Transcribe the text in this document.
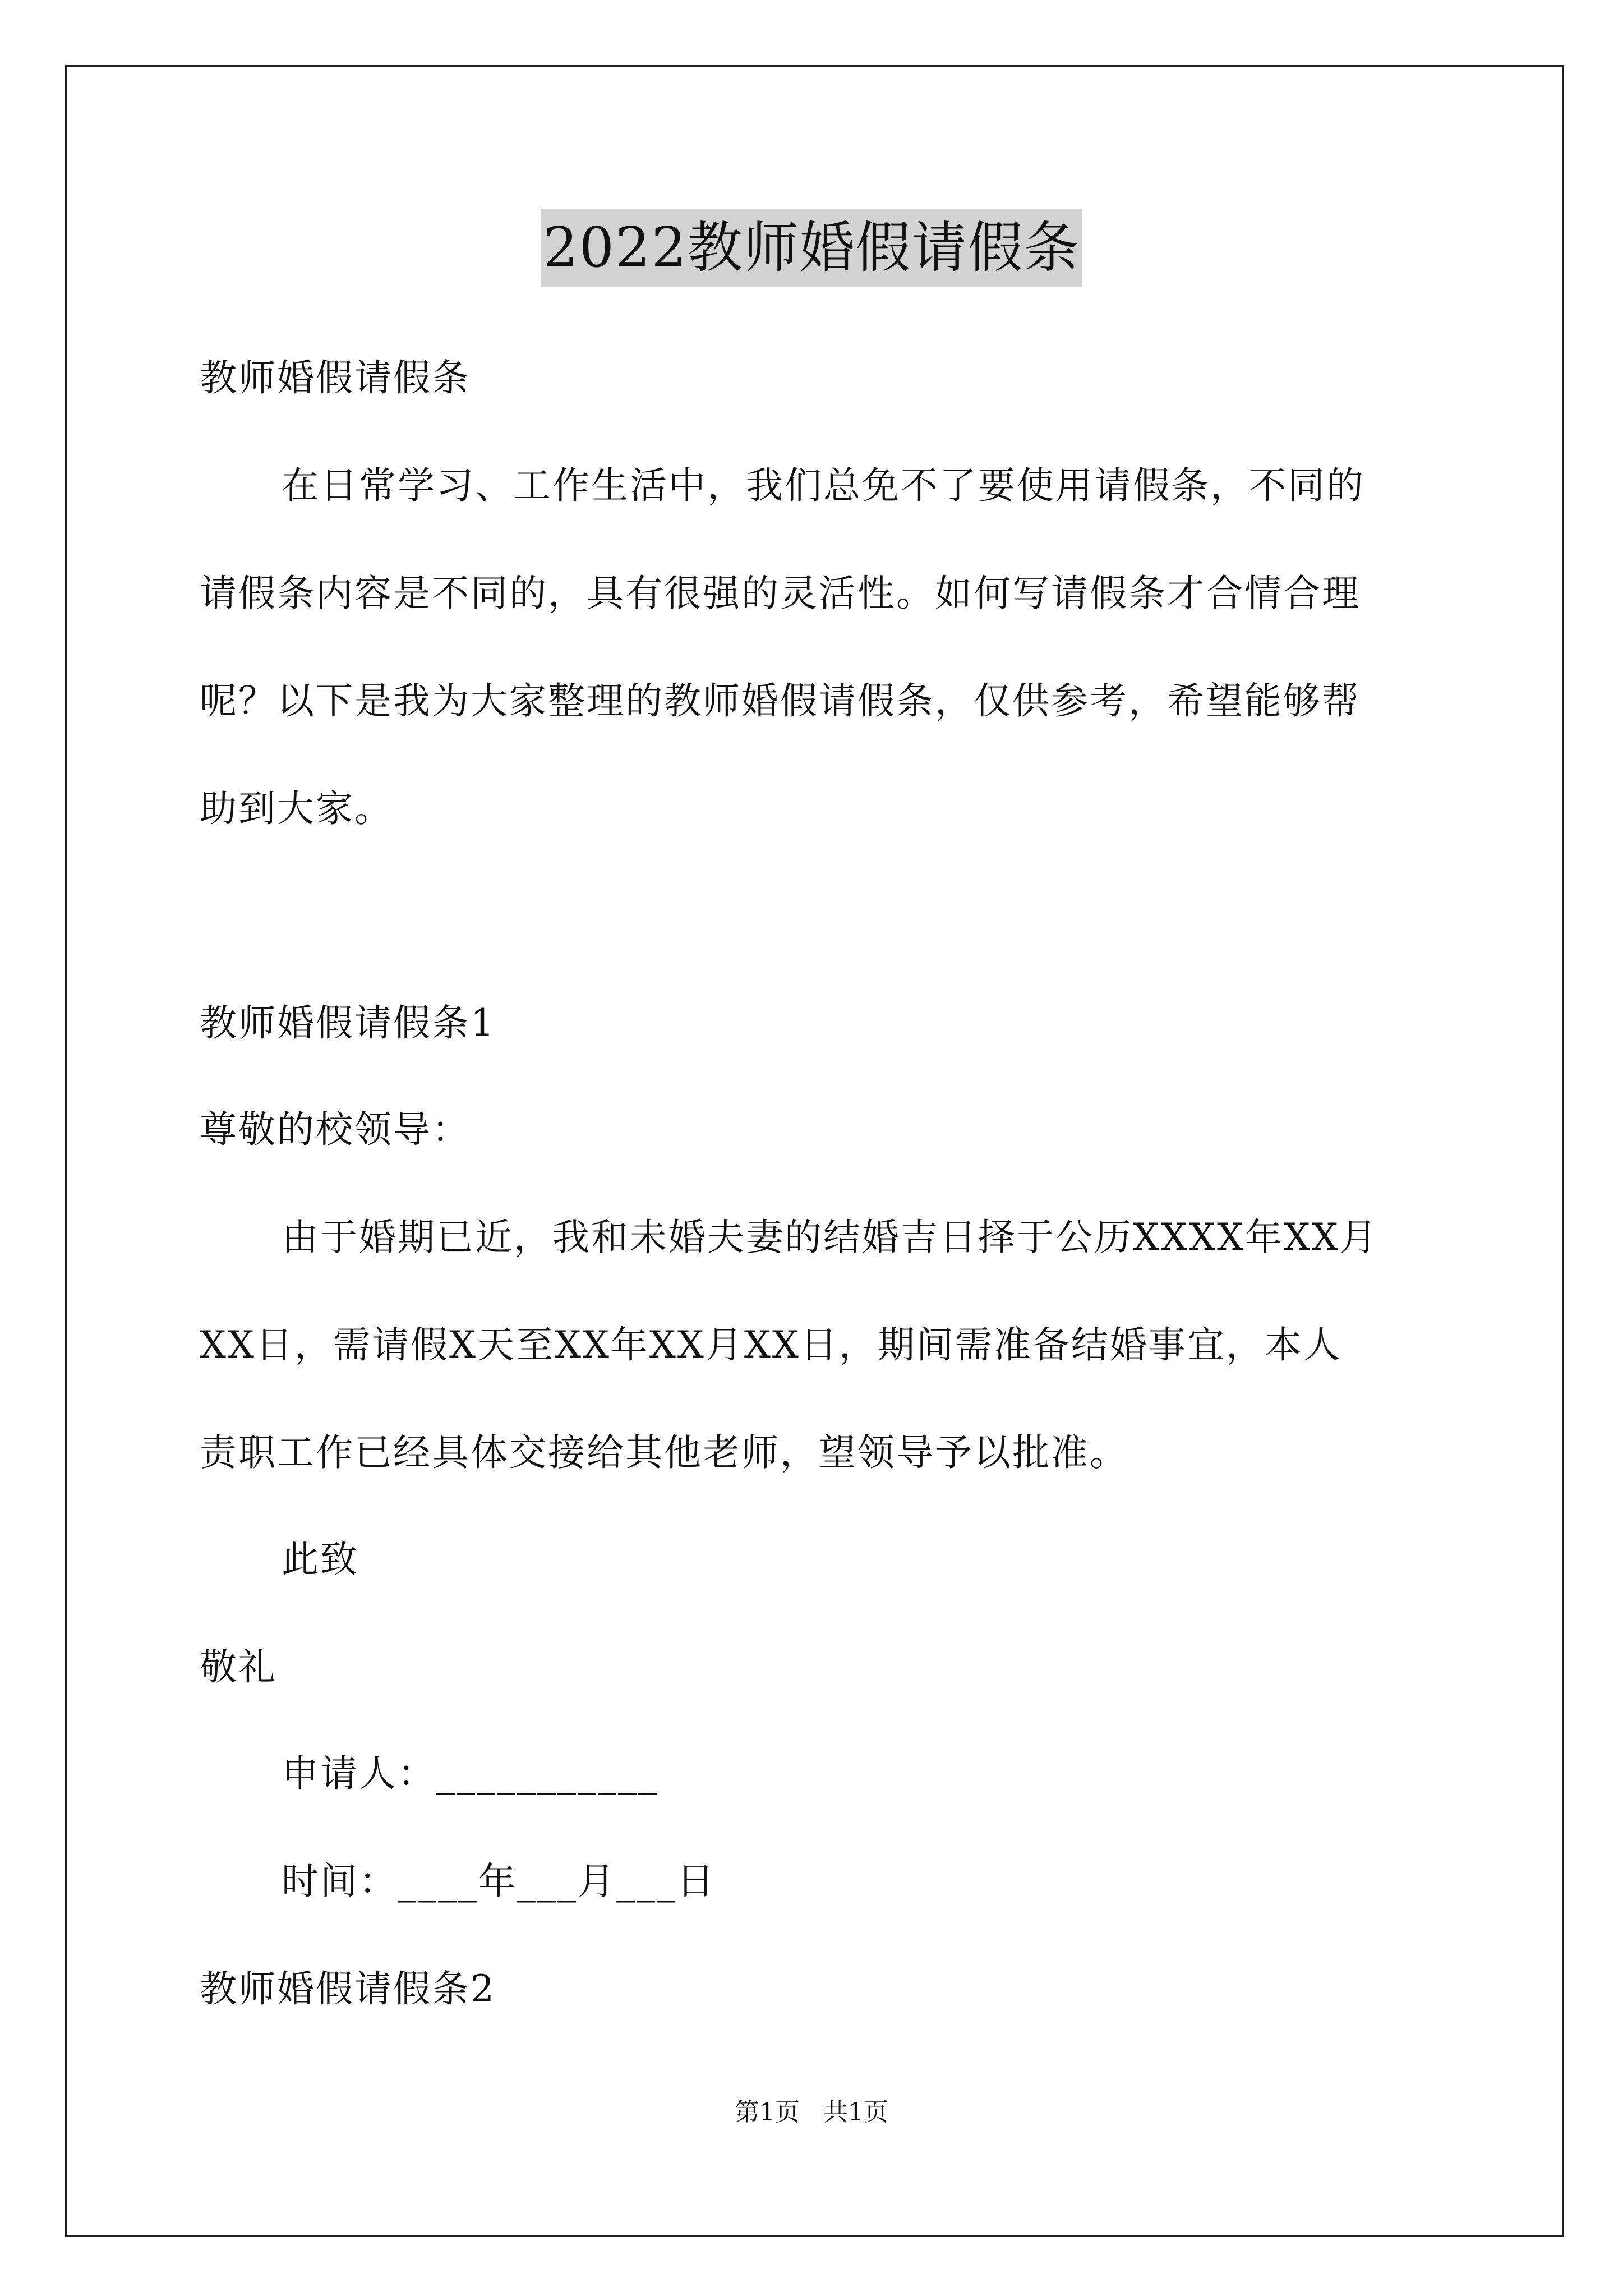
2022教师婚假请假条
教师婚假请假条
在日常学习、工作生活中，我们总免不了要使用请假条，不同的
请假条内容是不同的，具有很强的灵活性。如何写请假条才合情合理
呢？以下是我为大家整理的教师婚假请假条，仅供参考，希望能够帮
助到大家。
教师婚假请假条1
尊敬的校领导：
由于婚期已近，我和未婚夫妻的结婚吉日择于公历XXXX年XX月
XX日，需请假X天至XX年XX月XX日，期间需准备结婚事宜，本人
责职工作已经具体交接给其他老师，望领导予以批准。
此致
敬礼
申请人：___________
时间：____年___月___日
教师婚假请假条2
第1页   共1页
